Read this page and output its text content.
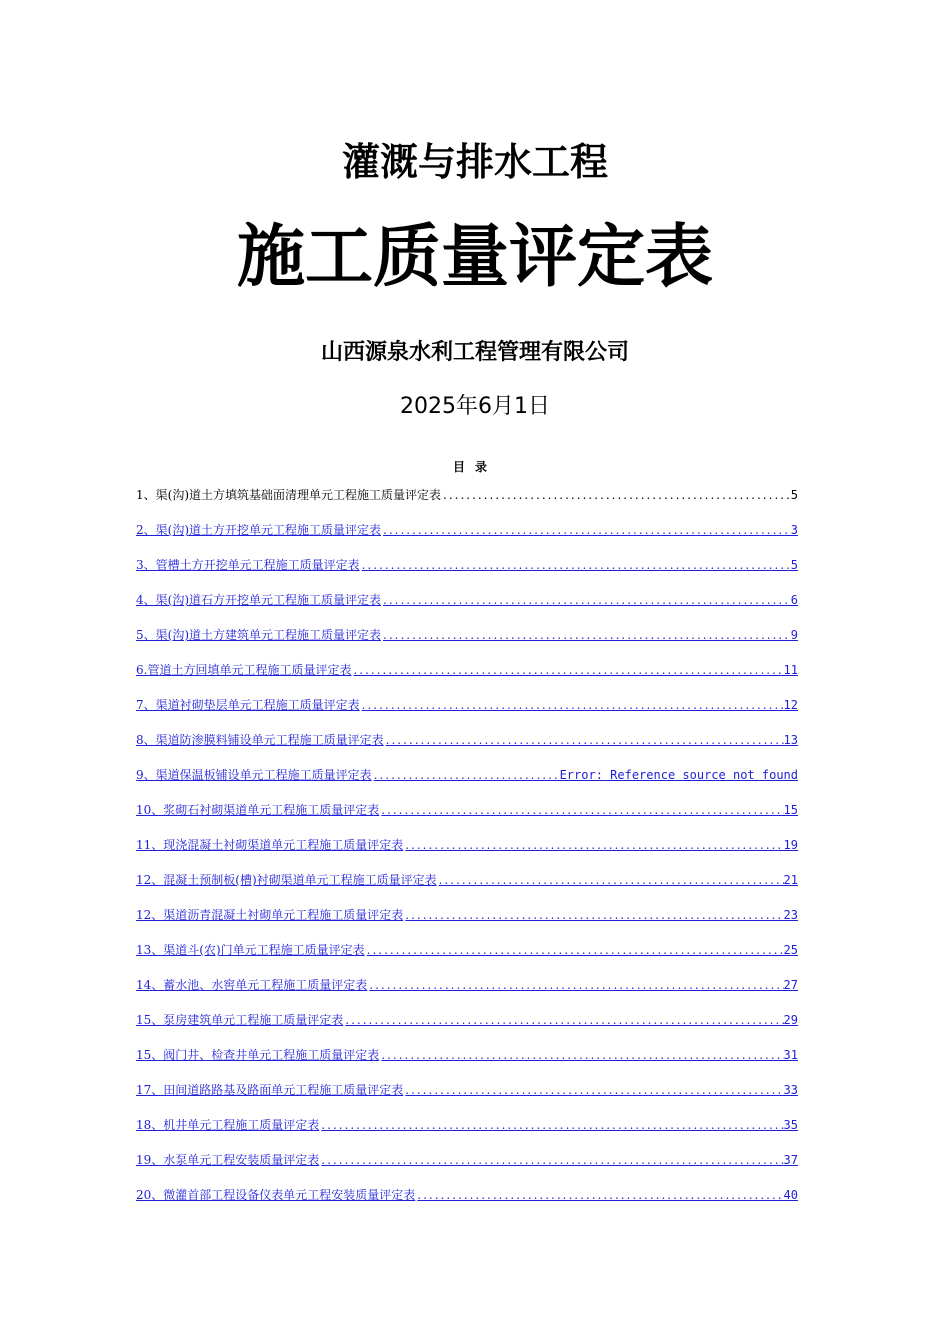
灌溉与排水工程
施工质量评定表
山西源泉水利工程管理有限公司
2025年6月1日
目录
1、渠(沟)道土方填筑基础面清理单元工程施工质量评定表 .....	5
2、渠(沟)道土方开挖单元工程施工质量评定表 .....	3
3、管槽土方开挖单元工程施工质量评定表 .....	5
4、渠(沟)道石方开挖单元工程施工质量评定表 .....	6
5、渠(沟)道土方建筑单元工程施工质量评定表 .....	9
6.管道土方回填单元工程施工质量评定表 .....	11
7、渠道衬砌垫层单元工程施工质量评定表 .....	12
8、渠道防渗膜料铺设单元工程施工质量评定表 .....	13
9、渠道保温板铺设单元工程施工质量评定表 .....	Error: Reference source not found
10、浆砌石衬砌渠道单元工程施工质量评定表 .....	15
11、现浇混凝土衬砌渠道单元工程施工质量评定表 .....	19
12、混凝土预制板(槽)衬砌渠道单元工程施工质量评定表 .....	21
12、渠道沥青混凝土衬砌单元工程施工质量评定表 .....	23
13、渠道斗(农)门单元工程施工质量评定表 .....	25
14、蓄水池、水窖单元工程施工质量评定表 .....	27
15、泵房建筑单元工程施工质量评定表 .....	29
15、阀门井、检查井单元工程施工质量评定表 .....	31
17、田间道路路基及路面单元工程施工质量评定表 .....	33
18、机井单元工程施工质量评定表 .....	35
19、水泵单元工程安装质量评定表 .....	37
20、微灌首部工程设备仪表单元工程安装质量评定表 .....	40
